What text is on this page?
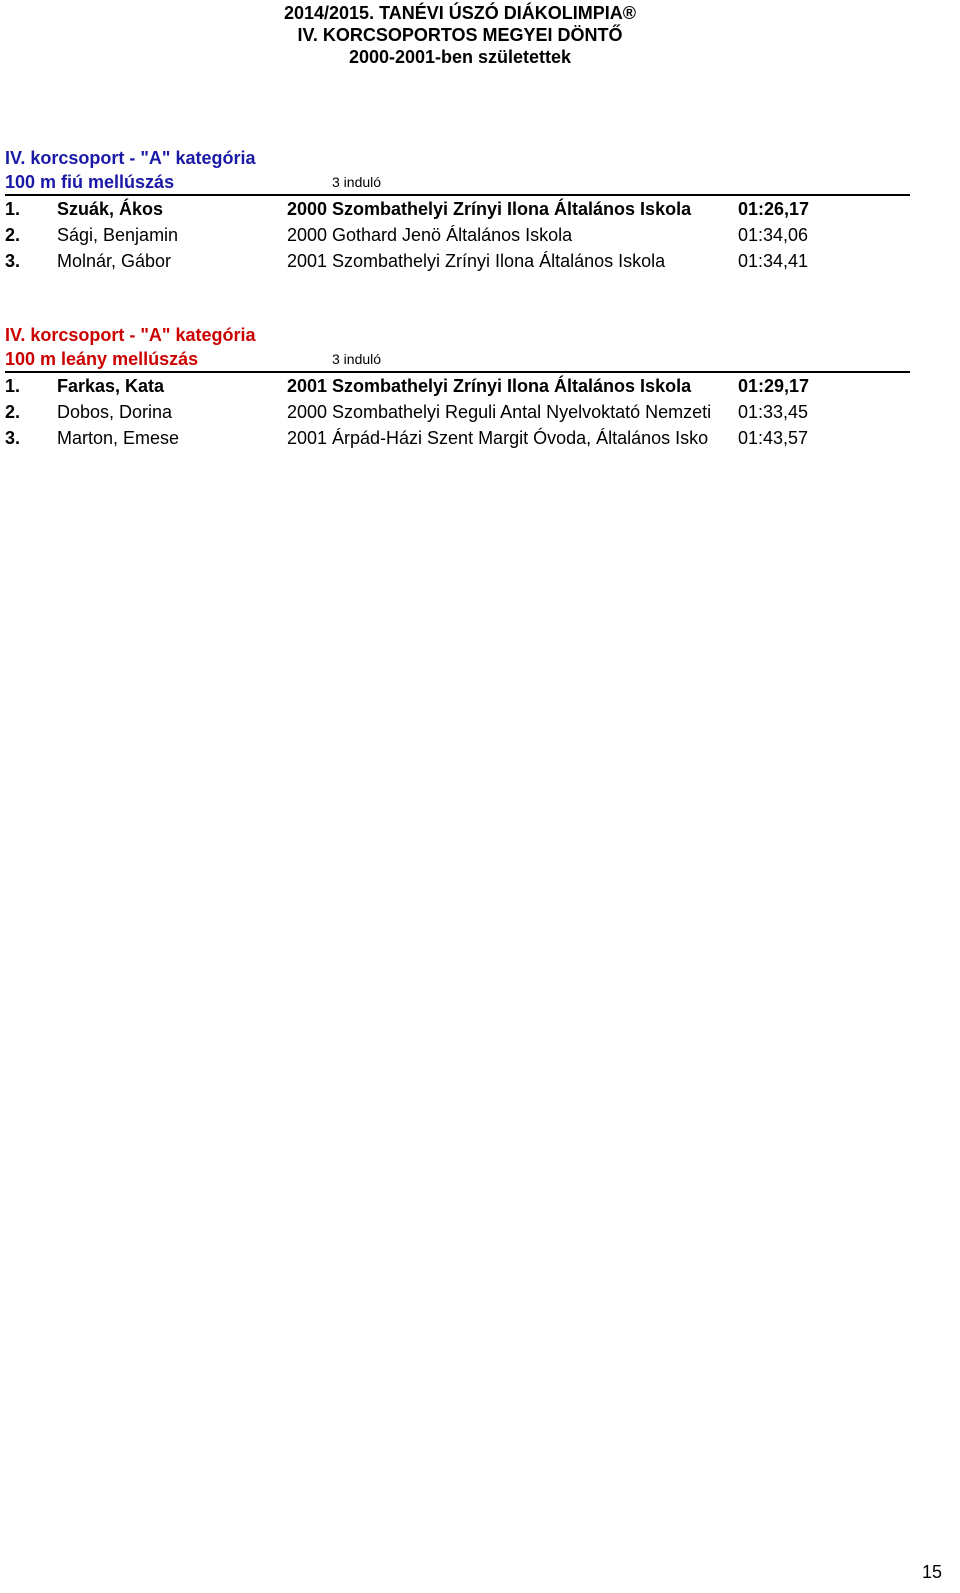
2014/2015. TANÉVI ÚSZÓ DIÁKOLIMPIA®
IV. KORCSOPORTOS MEGYEI DÖNTŐ
2000-2001-ben születettek
IV. korcsoport - "A" kategória
100 m fiú mellúszás	3 induló
1. Szuák, Ákos	2000 Szombathelyi Zrínyi Ilona Általános Iskola	01:26,17
2. Sági, Benjamin	2000 Gothard Jenö Általános Iskola	01:34,06
3. Molnár, Gábor	2001 Szombathelyi Zrínyi Ilona Általános Iskola	01:34,41
IV. korcsoport - "A" kategória
100 m leány mellúszás	3 induló
1. Farkas, Kata	2001 Szombathelyi Zrínyi Ilona Általános Iskola	01:29,17
2. Dobos, Dorina	2000 Szombathelyi Reguli Antal Nyelvoktató Nemzeti	01:33,45
3. Marton, Emese	2001 Árpád-Házi Szent Margit Óvoda, Általános Isko	01:43,57
15
